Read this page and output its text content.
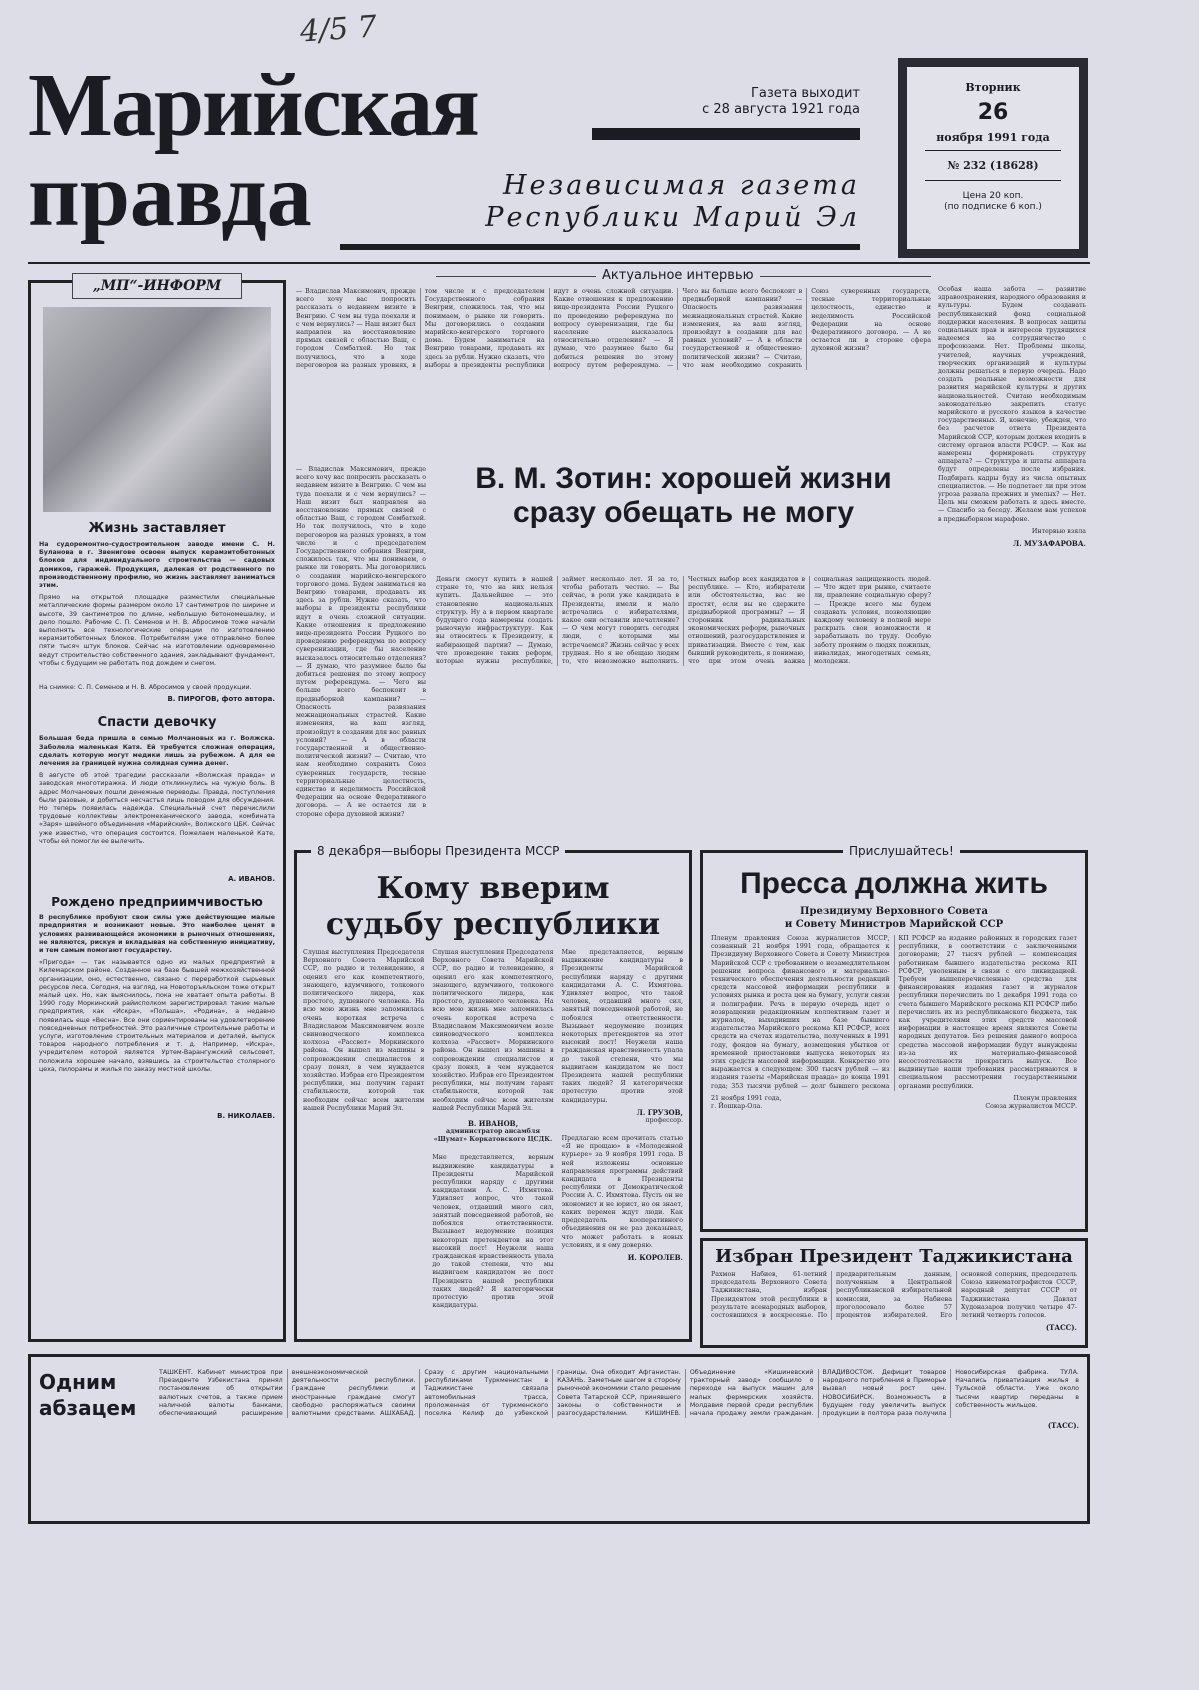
4/5 7
Марийская
правда
Газета выходит
с 28 августа 1921 года
Независимая газета
Республики Марий Эл
Вторник
26
ноября 1991 года
№ 232 (18628)
Цена 20 коп.
(по подписке 6 коп.)
„МП“-ИНФОРМ
Жизнь заставляет
На судоремонтно-судостроительном заводе имени С. Н. Буланова в г. Звенигове освоен выпуск керамзитобетонных блоков для индивидуального строительства — садовых домиков, гаражей. Продукция, далекая от родственного по производственному профилю, но жизнь заставляет заниматься этим.
Прямо на открытой площадке разместили специальные металлические формы размером около 17 сантиметров по ширине и высоте, 39 сантиметров по длине, небольшую бетономешалку, и дело пошло. Рабочие С. П. Семенов и Н. В. Абросимов тоже начали выполнять все технологические операции по изготовлению керамзитобетонных блоков. Потребителям уже отправлено более пяти тысяч штук блоков. Сейчас на изготовлении одновременно ведут строительство собственного здания, закладывают фундамент, чтобы с будущим не работать под дождем и снегом.
На снимке: С. П. Семенов и Н. В. Абросимов у своей продукции.
В. ПИРОГОВ, фото автора.
Спасти девочку
Большая беда пришла в семью Молчановых из г. Волжска. Заболела маленькая Катя. Ей требуется сложная операция, сделать которую могут медики лишь за рубежом. А для ее лечения за границей нужна солидная сумма денег.
В августе об этой трагедии рассказали «Волжская правда» и заводская многотиражка. И люди откликнулись на чужую боль. В адрес Молчановых пошли денежные переводы. Правда, поступления были разовые, и добиться несчастья лишь поводом для обсуждения. Но теперь появилась надежда. Специальный счет перечислили трудовые коллективы электромеханического завода, комбината «Заря» швейного объединения «Марийский», Волжского ЦБК. Сейчас уже известно, что операция состоится. Пожелаем маленькой Кате, чтобы ей помогли ее вылечить.
А. ИВАНОВ.
Рождено предприимчивостью
В республике пробуют свои силы уже действующие малые предприятия и возникают новые. Это наиболее ценят в условиях развивающейся экономики в рыночных отношениях, не являются, рискуя и вкладывая на собственную инициативу, и тем самым помогают государству.
«Пригода» — так называется одно из малых предприятий в Килемарском районе. Созданное на базе бывшей межхозяйственной организации, оно, естественно, связано с переработкой сырьевых ресурсов леса. Сегодня, на взгляд, на Новоторъяльском тоже открыт малый цех. Но, как выяснилось, пока не хватает опыта работы. В 1990 году Моркинский райисполком зарегистрировал такие малые предприятия, как «Искра», «Польша», «Родина», а недавно появилась еще «Весна». Все они сориентированы на удовлетворение повседневных потребностей. Это различные строительные работы и услуги, изготовление строительных материалов и деталей, выпуск товаров народного потребления и т. д. Например, «Искра», учредителем которой является Уртем-Варангужский сельсовет, положила хорошее начало, взявшись за строительство столярного цеха, пилорамы и жилья по заказу местной школы.
В. НИКОЛАЕВ.
Актуальное интервью
— Владислав Максимович, прежде всего хочу вас попросить рассказать о недавнем визите в Венгрию. С чем вы туда поехали и с чем вернулись? — Наш визит был направлен на восстановление прямых связей с областью Ваш, с городом Сомбатхей. Но так получилось, что в ходе переговоров на разных уровнях, в том числе и с председателем Государственного собрания Венгрии, сложилось так, что мы понимаем, о рынке ли говорить. Мы договорились о создании марийско-венгерского торгового дома. Будем заниматься на Венгрию товарами, продавать их здесь за рубли. Нужно сказать, что выборы в президенты республики идут в очень сложной ситуации. Какие отношения к предложению вице-президента России Руцкого по проведению референдума по вопросу суверенизации, где бы население высказалось относительно отделения? — Я думаю, что разумнее было бы добиться решения по этому вопросу путем референдума. — Чего вы больше всего беспокоит в предвыборной кампании? — Опасность развязания межнациональных страстей. Какие изменения, на ваш взгляд, произойдут в создании для вас равных условий? — А в области государственной и общественно-политической жизни? — Считаю, что нам необходимо сохранить Союз суверенных государств, тесные территориальные целостность, единство и неделимость Российской Федерации на основе Федеративного договора. — А не остается ли в стороне сфера духовной жизни?
— Владислав Максимович, прежде всего хочу вас попросить рассказать о недавнем визите в Венгрию. С чем вы туда поехали и с чем вернулись? — Наш визит был направлен на восстановление прямых связей с областью Ваш, с городом Сомбатхей. Но так получилось, что в ходе переговоров на разных уровнях, в том числе и с председателем Государственного собрания Венгрии, сложилось так, что мы понимаем, о рынке ли говорить. Мы договорились о создании марийско-венгерского торгового дома. Будем заниматься на Венгрию товарами, продавать их здесь за рубли. Нужно сказать, что выборы в президенты республики идут в очень сложной ситуации. Какие отношения к предложению вице-президента России Руцкого по проведению референдума по вопросу суверенизации, где бы население высказалось относительно отделения? — Я думаю, что разумнее было бы добиться решения по этому вопросу путем референдума. — Чего вы больше всего беспокоит в предвыборной кампании? — Опасность развязания межнациональных страстей. Какие изменения, на ваш взгляд, произойдут в создании для вас равных условий? — А в области государственной и общественно-политической жизни? — Считаю, что нам необходимо сохранить Союз суверенных государств, тесные территориальные целостность, единство и неделимость Российской Федерации на основе Федеративного договора. — А не остается ли в стороне сфера духовной жизни?
В. М. Зотин: хорошей жизни сразу обещать не могу
Деньги смогут купить в нашей стране то, что на них нельзя купить. Дальнейшее — это становление национальных структур. Ну а в первом квартале будущего года намерены создать рыночную инфраструктуру. Как вы относитесь к Президенту, к набирающей партии? — Думаю, что проведение таких реформ, которые нужны республике, займет несколько лет. Я за то, чтобы работать честно. — Вы сейчас, в роли уже кандидата в Президенты, имели и мало встречались с избирателями, какое они оставили впечатление? — О чем могут говорить сегодня люди, с которыми мы встречаемся? Жизнь сейчас у всех трудная. Но я не обещаю людям то, что невозможно выполнить. Честных выбор всех кандидатов в республике. — Кто, избиратели или обстоятельства, вас не простят, если вы не сдержите предвыборной программы? — Я сторонник радикальных экономических реформ, рыночных отношений, разгосударствления и приватизации. Вместе с тем, как бывший руководитель, я понимаю, что при этом очень важна социальная защищенность людей. — Что ждет при рынке, считаете ли, правление социальную сферу? — Прежде всего мы будем создавать условия, позволяющие каждому человеку в полной мере раскрыть свои возможности и зарабатывать по труду. Особую заботу проявим о людях пожилых, инвалидах, многодетных семьях, молодежи.
Особая наша забота — развитие здравоохранения, народного образования и культуры. Будем создавать республиканский фонд социальной поддержки населения. В вопросах защиты социальных прав и интересов трудящихся надеемся на сотрудничество с профсоюзами. Нет. Проблемы школы, учителей, научных учреждений, творческих организаций и культуры должны решаться в первую очередь. Надо создать реальные возможности для развития марийской культуры и других национальностей. Считаю необходимым законодательно закрепить статус марийского и русского языков в качестве государственных. Я, конечно, убежден, что без расчетов ответа Президента Марийской ССР, которым должен входить в систему органов власти РСФСР. — Как вы намерены формировать структуру аппарата? — Структура и штаты аппарата будут определены после избрания. Подбирать кадры буду из числа опытных специалистов. — Не подлетает ли при этом угроза развала прежних и умелых? — Нет. Цель мы сможем работать и здесь вместе. — Спасибо за беседу. Желаем вам успехов в предвыборном марафоне.
Интервью взяла
Л. МУЗАФАРОВА.
8 декабря—выборы Президента МССР
Кому вверим
судьбу республики
Слушая выступления Председателя Верховного Совета Марийской ССР, по радио и телевидению, я оценил его как компетентного, знающего, вдумчивого, толкового политического лидера, как простого, душевного человека. На всю мою жизнь мне запомнилась очень короткая встреча с Владиславом Максимовичем возле свиноводческого комплекса колхоза «Рассвет» Моркинского района. Он вышел из машины в сопровождении специалистов и сразу понял, в чем нуждается хозяйство. Избрав его Президентом республики, мы получим гарант стабильности, которой так необходим сейчас всем жителям нашей Республики Марий Эл.
Слушая выступления Председателя Верховного Совета Марийской ССР, по радио и телевидению, я оценил его как компетентного, знающего, вдумчивого, толкового политического лидера, как простого, душевного человека. На всю мою жизнь мне запомнилась очень короткая встреча с Владиславом Максимовичем возле свиноводческого комплекса колхоза «Рассвет» Моркинского района. Он вышел из машины в сопровождении специалистов и сразу понял, в чем нуждается хозяйство. Избрав его Президентом республики, мы получим гарант стабильности, которой так необходим сейчас всем жителям нашей Республики Марий Эл.
В. ИВАНОВ,
администратор ансамбля «Шумат» Коркатовского ЦСДК.
Мне представляется, верным выдвижение кандидатуры в Президенты Марийской республики наряду с другими кандидатами А. С. Ихмятова. Удивляет вопрос, что такой человек, отдавший много сил, занятый повседневной работой, не побоялся ответственности. Вызывает недоумение позиция некоторых претендентов на этот высокий пост! Неужели наша гражданская нравственность упала до такой степени, что мы выдвигаем кандидатом не пост Президента нашей республики таких людей? Я категорически протестую против этой кандидатуры.
Мне представляется, верным выдвижение кандидатуры в Президенты Марийской республики наряду с другими кандидатами А. С. Ихмятова. Удивляет вопрос, что такой человек, отдавший много сил, занятый повседневной работой, не побоялся ответственности. Вызывает недоумение позиция некоторых претендентов на этот высокий пост! Неужели наша гражданская нравственность упала до такой степени, что мы выдвигаем кандидатом не пост Президента нашей республики таких людей? Я категорически протестую против этой кандидатуры.
Л. ГРУЗОВ,
профессор.
Предлагаю всем прочитать статью «Я не прощаю» в «Молодежной курьере» за 9 ноября 1991 года. В ней изложены основные направления программы действий кандидата в Президенты республики от Демократической России А. С. Ихмятова. Пусть он не экономист и не юрист, но он знает, каких перемен ждут люди. Как председатель кооперативного объединения он не раз доказывал, что может работать в новых условиях, и я ему доверяю.
И. КОРОЛЕВ.
Прислушайтесь!
Пресса должна жить
Президиуму Верховного Совета
и Совету Министров Марийской ССР
Пленум правления Союза журналистов МССР, созванный 21 ноября 1991 года, обращается к Президиуму Верховного Совета и Совету Министров Марийской ССР с требованием о незамедлительном решении вопроса финансового и материально-технического обеспечения деятельности редакций средств массовой информации республики в условиях рынка и роста цен на бумагу, услуги связи и полиграфии. Речь в первую очередь идет о возвращении редакционным коллективам газет и журналов, выходивших на базе бывшего издательства Марийского рескома КП РСФСР, всех средств на счетах издательства, полученных в 1991 году, фондов на бумагу, возмещения убытков от временной приостановки выпуска некоторых из этих средств массовой информации. Конкретно это выражается в следующем: 300 тысяч рублей — из издания газеты «Марийская правда» до конца 1991 года; 353 тысячи рублей — долг бывшего рескома КП РСФСР на издание районных и городских газет республики, в соответствии с заключенными договорами; 27 тысяч рублей — компенсация работникам бывшего издательства рескома КП РСФСР, уволенным в связи с его ликвидацией. Требуем вышеперечисленные средства для финансирования издания газет и журналов республики перечислить по 1 декабря 1991 года со счета бывшего Марийского рескома КП РСФСР либо перечислить их из республиканского бюджета, так как учредителями этих средств массовой информации в настоящее время являются Советы народных депутатов. Без решения данного вопроса средства массовой информации будут вынуждены из-за их материально-финансовой несостоятельности прекратить выпуск. Все выдвинутые наши требования рассматриваются в специальном рассмотрении государственными органами республики.
21 ноября 1991 года,
г. Йошкар-Ола.
Пленум правления
Союза журналистов МССР.
Избран Президент Таджикистана
Рахмон Набиев, 61-летний председатель Верховного Совета Таджикистана, избран Президентом этой республики в результате всенародных выборов, состоявшихся в воскресенье. По предварительным данным, полученным в Центральной республиканской избирательной комиссии, за Набиева проголосовало более 57 процентов избирателей. Его основной соперник, председатель Союза кинематографистов СССР, народный депутат СССР от Таджикистана Давлат Худоназаров получил четыре 47-летний четверть голосов.
(ТАСС).
Одним
абзацем
ТАШКЕНТ. Кабинет министров при Президенте Узбекистана принял постановление об открытии валютных счетов, а также прием наличной валюты банками, обеспечивающий расширение внешнеэкономической деятельности республики. Граждане республики и иностранные граждане смогут свободно распоряжаться своими валютными средствами. АШХАБАД. Сразу с другим национальными республиками Туркменистан в Таджикистане связала автомобильная трасса, проложенная от туркменского поселка Келиф до узбекской границы. Она обходит Афганистан. КАЗАНЬ. Заметным шагом в сторону рыночной экономики стало решение Совета Татарской ССР, принявшего законы о собственности и разгосударствлении. КИШИНЕВ. Объединение «Кишиневский тракторный завод» сообщило о переходе на выпуск машин для малых фермерских хозяйств. Молдавия первой среди республик начала продажу земли гражданам. ВЛАДИВОСТОК. Дефицит товаров народного потребления в Приморье вызвал новый рост цен. НОВОСИБИРСК. Возможность в будущем году увеличить выпуск продукции в полтора раза получила Новосибирская фабрика. ТУЛА. Начались приватизация жилья в Тульской области. Уже около тысячи квартир переданы в собственность жильцов.
(ТАСС).
